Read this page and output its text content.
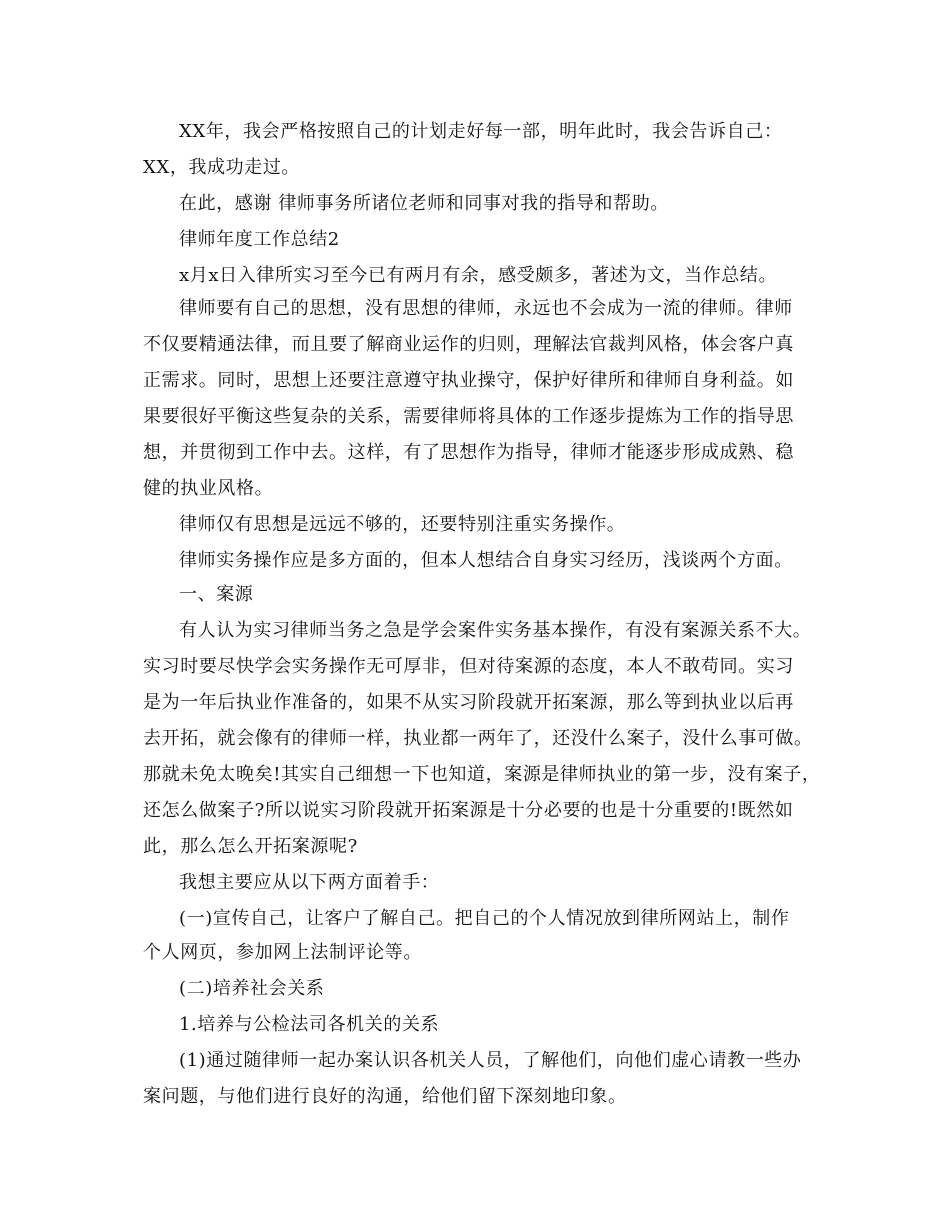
XX年，我会严格按照自己的计划走好每一部，明年此时，我会告诉自己：
XX，我成功走过。
在此，感谢 律师事务所诸位老师和同事对我的指导和帮助。
律师年度工作总结2
x月x日入律所实习至今已有两月有余，感受颇多，著述为文，当作总结。
律师要有自己的思想，没有思想的律师，永远也不会成为一流的律师。律师
不仅要精通法律，而且要了解商业运作的归则，理解法官裁判风格，体会客户真
正需求。同时，思想上还要注意遵守执业操守，保护好律所和律师自身利益。如
果要很好平衡这些复杂的关系，需要律师将具体的工作逐步提炼为工作的指导思
想，并贯彻到工作中去。这样，有了思想作为指导，律师才能逐步形成成熟、稳
健的执业风格。
律师仅有思想是远远不够的，还要特别注重实务操作。
律师实务操作应是多方面的，但本人想结合自身实习经历，浅谈两个方面。
一、案源
有人认为实习律师当务之急是学会案件实务基本操作，有没有案源关系不大。
实习时要尽快学会实务操作无可厚非，但对待案源的态度，本人不敢苟同。实习
是为一年后执业作准备的，如果不从实习阶段就开拓案源，那么等到执业以后再
去开拓，就会像有的律师一样，执业都一两年了，还没什么案子，没什么事可做。
那就未免太晚矣!其实自己细想一下也知道，案源是律师执业的第一步，没有案子，
还怎么做案子?所以说实习阶段就开拓案源是十分必要的也是十分重要的!既然如
此，那么怎么开拓案源呢?
我想主要应从以下两方面着手：
(一)宣传自己，让客户了解自己。把自己的个人情况放到律所网站上，制作
个人网页，参加网上法制评论等。
(二)培养社会关系
1.培养与公检法司各机关的关系
(1)通过随律师一起办案认识各机关人员，了解他们，向他们虚心请教一些办
案问题，与他们进行良好的沟通，给他们留下深刻地印象。
